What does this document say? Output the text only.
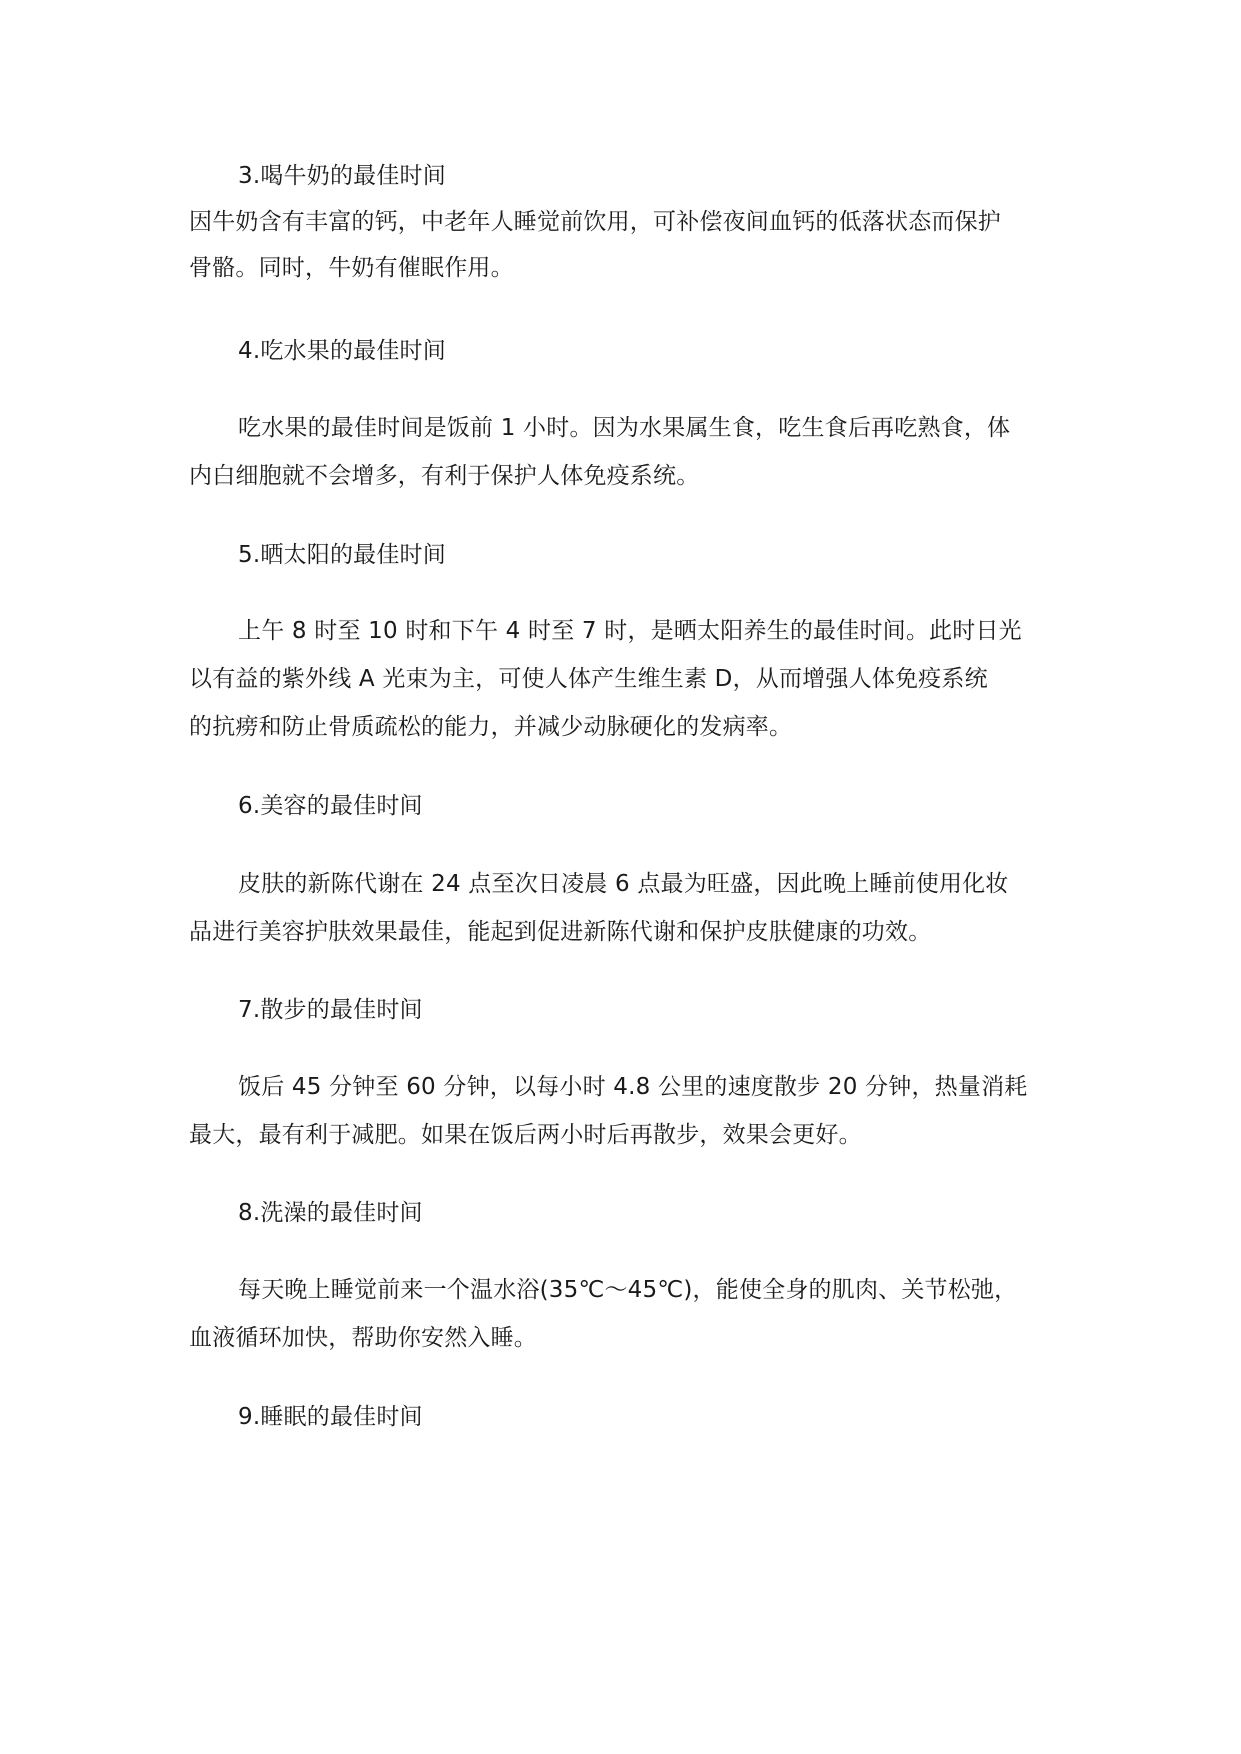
3.喝牛奶的最佳时间
因牛奶含有丰富的钙，中老年人睡觉前饮用，可补偿夜间血钙的低落状态而保护
骨骼。同时，牛奶有催眠作用。
4.吃水果的最佳时间
吃水果的最佳时间是饭前 1 小时。因为水果属生食，吃生食后再吃熟食，体
内白细胞就不会增多，有利于保护人体免疫系统。
5.晒太阳的最佳时间
上午 8 时至 10 时和下午 4 时至 7 时，是晒太阳养生的最佳时间。此时日光
以有益的紫外线 A 光束为主，可使人体产生维生素 D，从而增强人体免疫系统
的抗痨和防止骨质疏松的能力，并减少动脉硬化的发病率。
6.美容的最佳时间
皮肤的新陈代谢在 24 点至次日凌晨 6 点最为旺盛，因此晚上睡前使用化妆
品进行美容护肤效果最佳，能起到促进新陈代谢和保护皮肤健康的功效。
7.散步的最佳时间
饭后 45 分钟至 60 分钟，以每小时 4.8 公里的速度散步 20 分钟，热量消耗
最大，最有利于减肥。如果在饭后两小时后再散步，效果会更好。
8.洗澡的最佳时间
每天晚上睡觉前来一个温水浴(35℃～45℃)，能使全身的肌肉、关节松弛，
血液循环加快，帮助你安然入睡。
9.睡眠的最佳时间
